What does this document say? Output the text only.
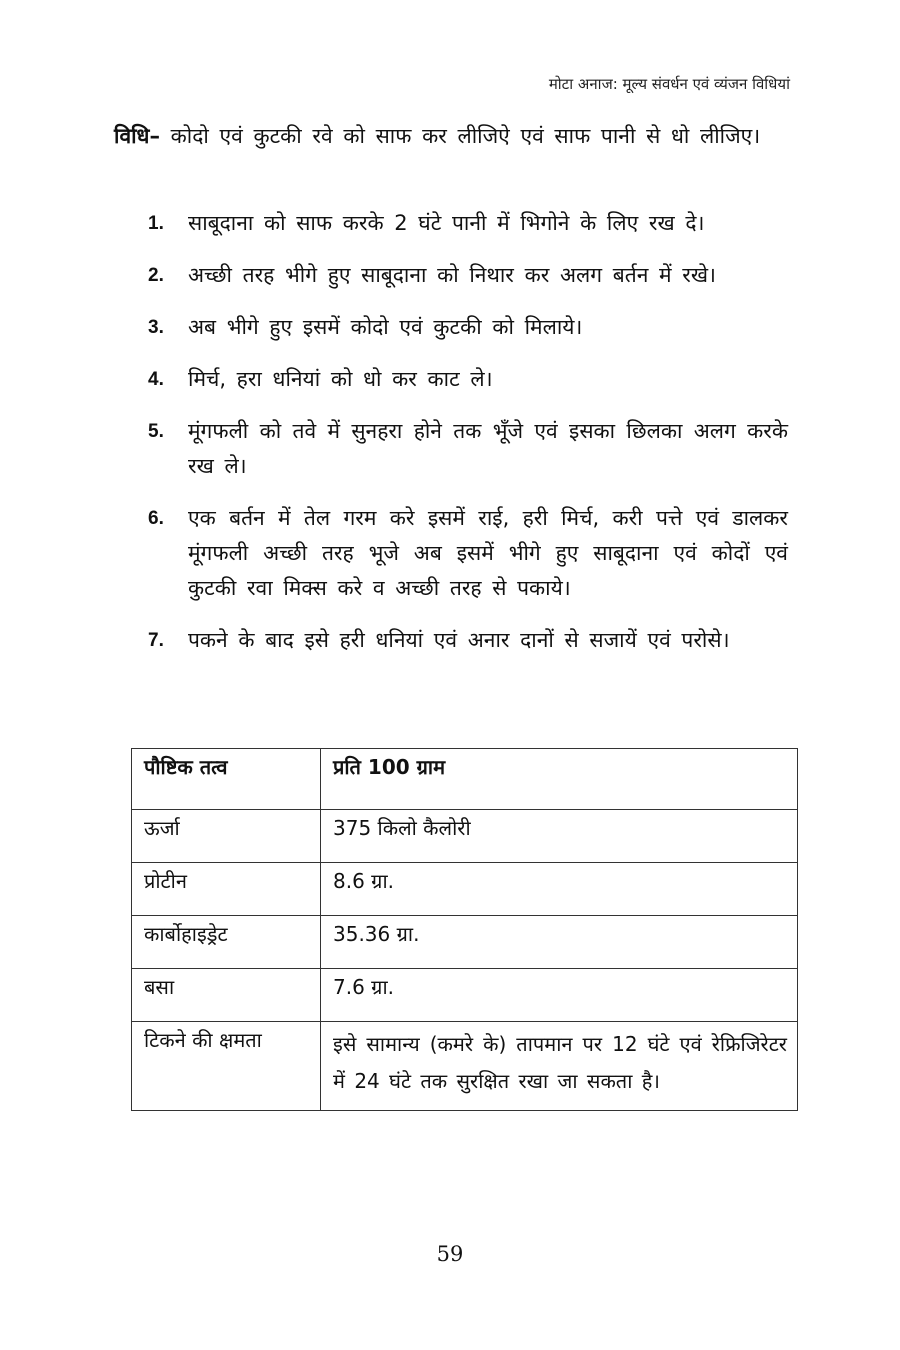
मोटा अनाज: मूल्य संवर्धन एवं व्यंजन विधियां
विधि– कोदो एवं कुटकी रवे को साफ कर लीजिऐ एवं साफ पानी से धो लीजिए।
1.	साबूदाना को साफ करके 2 घंटे पानी में भिगोने के लिए रख दे।
2.	अच्छी तरह भीगे हुए साबूदाना को निथार कर अलग बर्तन में रखे।
3.	अब भीगे हुए इसमें कोदो एवं कुटकी को मिलाये।
4.	मिर्च, हरा धनियां को धो कर काट ले।
5.	मूंगफली को तवे में सुनहरा होने तक भूँजे एवं इसका छिलका अलग करके रख ले।
6.	एक बर्तन में तेल गरम करे इसमें राई, हरी मिर्च, करी पत्ते एवं डालकर मूंगफली अच्छी तरह भूजे अब इसमें भीगे हुए साबूदाना एवं कोदों एवं कुटकी रवा मिक्स करे व अच्छी तरह से पकाये।
7.	पकने के बाद इसे हरी धनियां एवं अनार दानों से सजायें एवं परोसे।
पौष्टिक तत्व	प्रति 100 ग्राम
ऊर्जा	375 किलो कैलोरी
प्रोटीन	8.6 ग्रा.
कार्बोहाइड्रेट	35.36 ग्रा.
बसा	7.6 ग्रा.
टिकने की क्षमता	इसे सामान्य (कमरे के) तापमान पर 12 घंटे एवं रेफ्रिजिरेटर में 24 घंटे तक सुरक्षित रखा जा सकता है।
59
